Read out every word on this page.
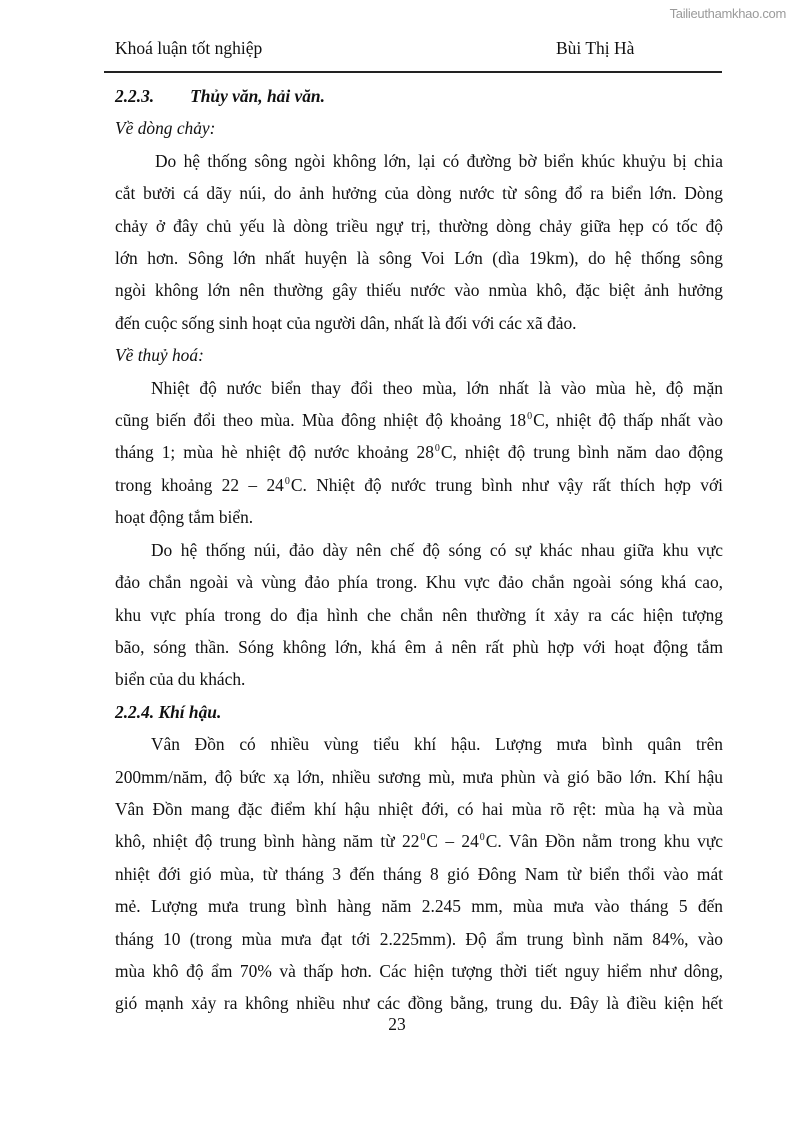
Tailieuthamkhao.com
Khoá luận tốt nghiệp	Bùi Thị Hà
2.2.3. Thủy văn, hải văn.
Về dòng chảy:
Do hệ thống sông ngòi không lớn, lại có đường bờ biển khúc khuỷu bị chia
cắt bưởi cá dãy núi, do ảnh hưởng của dòng nước từ sông đổ ra biển lớn. Dòng
chảy ở đây chủ yếu là dòng triều ngự trị, thường dòng chảy giữa hẹp có tốc độ
lớn hơn. Sông lớn nhất huyện là sông Voi Lớn (dìa 19km), do hệ thống sông
ngòi không lớn nên thường gây thiếu nước vào nmùa khô, đặc biệt ảnh hưởng
đến cuộc sống sinh hoạt của người dân, nhất là đối với các xã đảo.
Về thuỷ hoá:
Nhiệt độ nước biển thay đổi theo mùa, lớn nhất là vào mùa hè, độ mặn
cũng biến đổi theo mùa. Mùa đông nhiệt độ khoảng $18^0C$, nhiệt độ thấp nhất vào
tháng 1; mùa hè nhiệt độ nước khoảng $28^0C$, nhiệt độ trung bình năm dao động
trong khoảng $22 - 24^0C$. Nhiệt độ nước trung bình như vậy rất thích hợp với
hoạt động tắm biển.
Do hệ thống núi, đảo dày nên chế độ sóng có sự khác nhau giữa khu vực
đảo chắn ngoài và vùng đảo phía trong. Khu vực đảo chắn ngoài sóng khá cao,
khu vực phía trong do địa hình che chắn nên thường ít xảy ra các hiện tượng
bão, sóng thần. Sóng không lớn, khá êm ả nên rất phù hợp với hoạt động tắm
biển của du khách.
2.2.4. Khí hậu.
Vân Đồn có nhiều vùng tiểu khí hậu. Lượng mưa bình quân trên
200mm/năm, độ bức xạ lớn, nhiều sương mù, mưa phùn và gió bão lớn. Khí hậu
Vân Đồn mang đặc điểm khí hậu nhiệt đới, có hai mùa rõ rệt: mùa hạ và mùa
khô, nhiệt độ trung bình hàng năm từ $22^0C - 24^0C$. Vân Đồn nằm trong khu vực
nhiệt đới gió mùa, từ tháng 3 đến tháng 8 gió Đông Nam từ biển thổi vào mát
mẻ. Lượng mưa trung bình hàng năm 2.245 mm, mùa mưa vào tháng 5 đến
tháng 10 (trong mùa mưa đạt tới 2.225mm). Độ ẩm trung bình năm 84%, vào
mùa khô độ ẩm 70% và thấp hơn. Các hiện tượng thời tiết nguy hiểm như dông,
gió mạnh xảy ra không nhiều như các đồng bằng, trung du. Đây là điều kiện hết
23
